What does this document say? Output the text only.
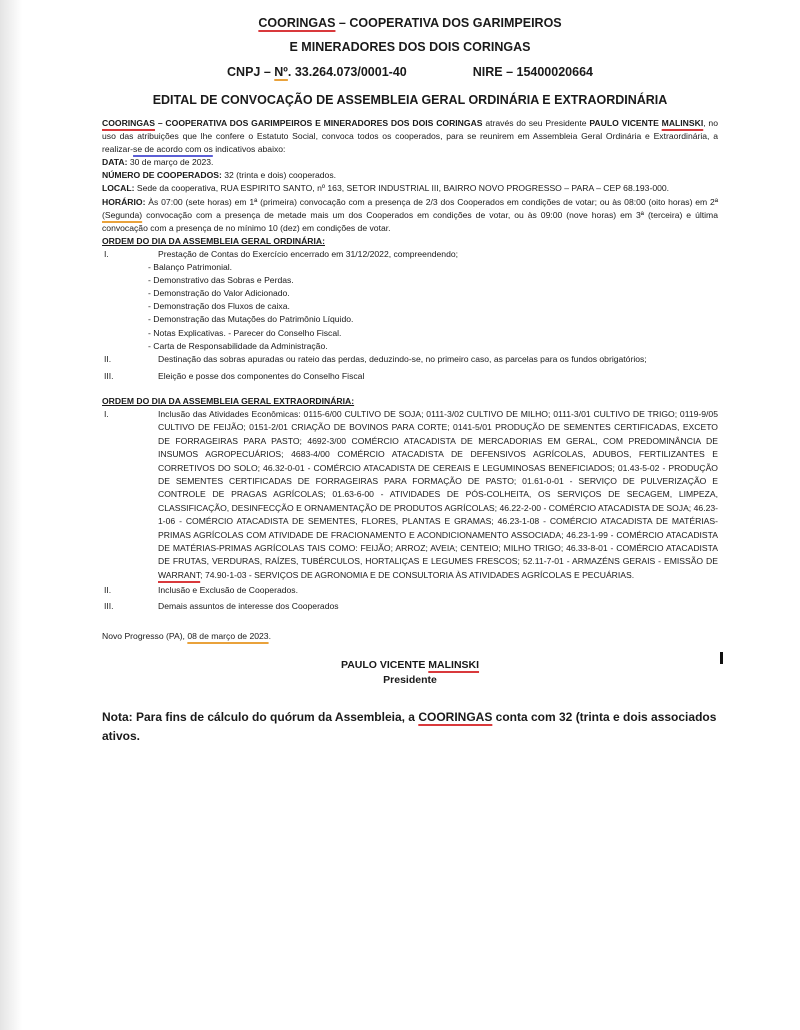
COORINGAS – COOPERATIVA DOS GARIMPEIROS
E MINERADORES DOS DOIS CORINGAS
CNPJ – Nº. 33.264.073/0001-40	NIRE – 15400020664
EDITAL DE CONVOCAÇÃO DE ASSEMBLEIA GERAL ORDINÁRIA E EXTRAORDINÁRIA

COORINGAS – COOPERATIVA DOS GARIMPEIROS E MINERADORES DOS DOIS CORINGAS através do seu Presidente PAULO VICENTE MALINSKI, no uso das atribuições que lhe confere o Estatuto Social, convoca todos os cooperados, para se reunirem em Assembleia Geral Ordinária e Extraordinária, a realizar-se de acordo com os indicativos abaixo:

DATA: 30 de março de 2023.

NÚMERO DE COOPERADOS: 32 (trinta e dois) cooperados.

LOCAL: Sede da cooperativa, RUA ESPIRITO SANTO, nº 163, SETOR INDUSTRIAL III, BAIRRO NOVO PROGRESSO – PARA – CEP 68.193-000.

HORÁRIO: Às 07:00 (sete horas) em 1ª (primeira) convocação com a presença de 2/3 dos Cooperados em condições de votar; ou às 08:00 (oito horas) em 2ª (Segunda) convocação com a presença de metade mais um dos Cooperados em condições de votar, ou às 09:00 (nove horas) em 3ª (terceira) e última convocação com a presença de no mínimo 10 (dez) em condições de votar.

ORDEM DO DIA DA ASSEMBLEIA GERAL ORDINÁRIA:

I.	Prestação de Contas do Exercício encerrado em 31/12/2022, compreendendo;
- Balanço Patrimonial.
- Demonstrativo das Sobras e Perdas.
- Demonstração do Valor Adicionado.
- Demonstração dos Fluxos de caixa.
- Demonstração das Mutações do Patrimônio Líquido.
- Notas Explicativas. - Parecer do Conselho Fiscal.
- Carta de Responsabilidade da Administração.
II.	Destinação das sobras apuradas ou rateio das perdas, deduzindo-se, no primeiro caso, as parcelas para os fundos obrigatórios;
III.	Eleição e posse dos componentes do Conselho Fiscal

ORDEM DO DIA DA ASSEMBLEIA GERAL EXTRAORDINÁRIA:

I.	Inclusão das Atividades Econômicas: 0115-6/00 CULTIVO DE SOJA; 0111-3/02 CULTIVO DE MILHO; 0111-3/01 CULTIVO DE TRIGO; 0119-9/05 CULTIVO DE FEIJÃO; 0151-2/01 CRIAÇÃO DE BOVINOS PARA CORTE; 0141-5/01 PRODUÇÃO DE SEMENTES CERTIFICADAS, EXCETO DE FORRAGEIRAS PARA PASTO; 4692-3/00 COMÉRCIO ATACADISTA DE MERCADORIAS EM GERAL, COM PREDOMINÂNCIA DE INSUMOS AGROPECUÁRIOS; 4683-4/00 COMÉRCIO ATACADISTA DE DEFENSIVOS AGRÍCOLAS, ADUBOS, FERTILIZANTES E CORRETIVOS DO SOLO; 46.32-0-01 - COMÉRCIO ATACADISTA DE CEREAIS E LEGUMINOSAS BENEFICIADOS; 01.43-5-02 - PRODUÇÃO DE SEMENTES CERTIFICADAS DE FORRAGEIRAS PARA FORMAÇÃO DE PASTO; 01.61-0-01 - SERVIÇO DE PULVERIZAÇÃO E CONTROLE DE PRAGAS AGRÍCOLAS; 01.63-6-00 - ATIVIDADES DE PÓS-COLHEITA, OS SERVIÇOS DE SECAGEM, LIMPEZA, CLASSIFICAÇÃO, DESINFECÇÃO E ORNAMENTAÇÃO DE PRODUTOS AGRÍCOLAS; 46.22-2-00 - COMÉRCIO ATACADISTA DE SOJA; 46.23-1-06 - COMÉRCIO ATACADISTA DE SEMENTES, FLORES, PLANTAS E GRAMAS; 46.23-1-08 - COMÉRCIO ATACADISTA DE MATÉRIAS-PRIMAS AGRÍCOLAS COM ATIVIDADE DE FRACIONAMENTO E ACONDICIONAMENTO ASSOCIADA; 46.23-1-99 - COMÉRCIO ATACADISTA DE MATÉRIAS-PRIMAS AGRÍCOLAS TAIS COMO: FEIJÃO; ARROZ; AVEIA; CENTEIO; MILHO TRIGO; 46.33-8-01 - COMÉRCIO ATACADISTA DE FRUTAS, VERDURAS, RAÍZES, TUBÉRCULOS, HORTALIÇAS E LEGUMES FRESCOS; 52.11-7-01 - ARMAZÉNS GERAIS - EMISSÃO DE WARRANT; 74.90-1-03 - SERVIÇOS DE AGRONOMIA E DE CONSULTORIA ÀS ATIVIDADES AGRÍCOLAS E PECUÁRIAS.
II.	Inclusão e Exclusão de Cooperados.
III.	Demais assuntos de interesse dos Cooperados

Novo Progresso (PA), 08 de março de 2023.

PAULO VICENTE MALINSKI
Presidente
Nota: Para fins de cálculo do quórum da Assembleia, a COORINGAS conta com 32 (trinta e dois associados ativos.
